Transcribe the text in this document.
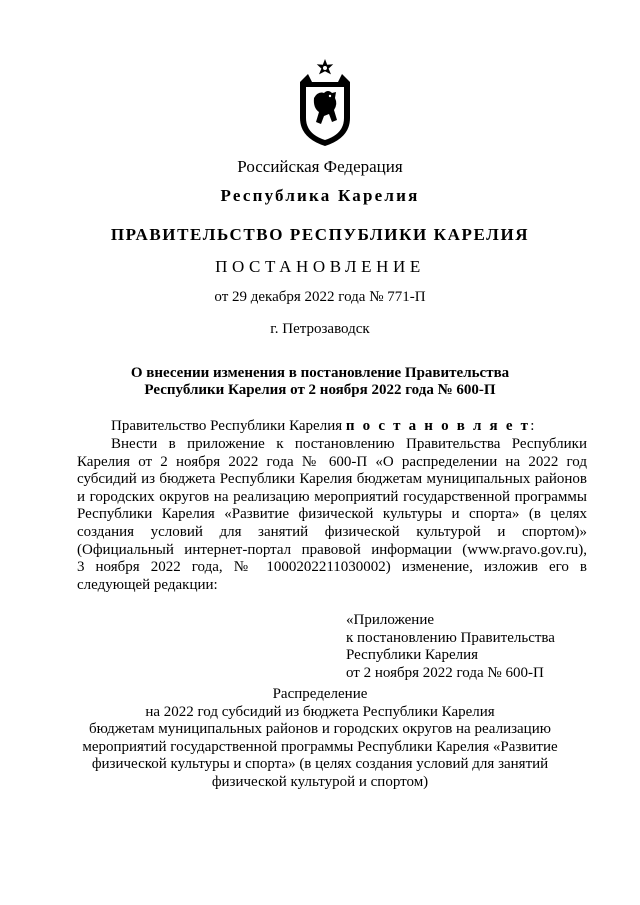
Российская Федерация
Республика Карелия
ПРАВИТЕЛЬСТВО РЕСПУБЛИКИ КАРЕЛИЯ
ПОСТАНОВЛЕНИЕ
от 29 декабря 2022 года № 771-П
г. Петрозаводск
О внесении изменения в постановление Правительства
Республики Карелия от 2 ноября 2022 года № 600-П
Правительство Республики Карелия п о с т а н о в л я е т:
Внести в приложение к постановлению Правительства Республики
Карелия от 2 ноября 2022 года № 600-П «О распределении на 2022 год
субсидий из бюджета Республики Карелия бюджетам муниципальных районов
и городских округов на реализацию мероприятий государственной программы
Республики Карелия «Развитие физической культуры и спорта» (в целях
создания условий для занятий физической культурой и спортом)»
(Официальный интернет-портал правовой информации (www.pravo.gov.ru),
3 ноября 2022 года, № 1000202211030002) изменение, изложив его в
следующей редакции:
«Приложение
к постановлению Правительства
Республики Карелия
от 2 ноября 2022 года № 600-П
Распределение
на 2022 год субсидий из бюджета Республики Карелия
бюджетам муниципальных районов и городских округов на реализацию
мероприятий государственной программы Республики Карелия «Развитие
физической культуры и спорта» (в целях создания условий для занятий
физической культурой и спортом)
